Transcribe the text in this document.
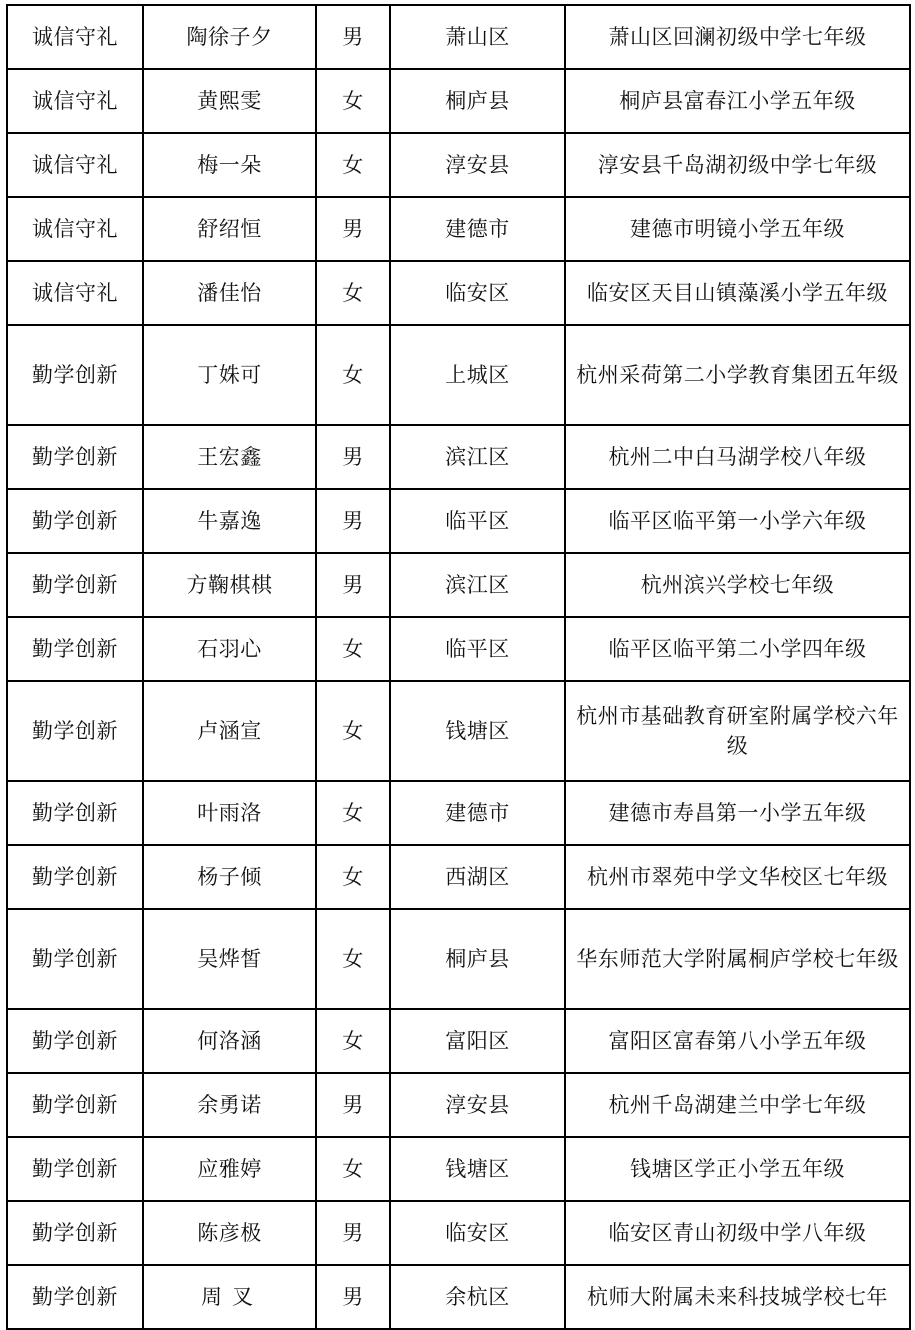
诚信守礼	陶徐子夕	男	萧山区	萧山区回澜初级中学七年级
诚信守礼	黄熙雯	女	桐庐县	桐庐县富春江小学五年级
诚信守礼	梅一朵	女	淳安县	淳安县千岛湖初级中学七年级
诚信守礼	舒绍恒	男	建德市	建德市明镜小学五年级
诚信守礼	潘佳怡	女	临安区	临安区天目山镇藻溪小学五年级
勤学创新	丁姝可	女	上城区	杭州采荷第二小学教育集团五年级
勤学创新	王宏鑫	男	滨江区	杭州二中白马湖学校八年级
勤学创新	牛嘉逸	男	临平区	临平区临平第一小学六年级
勤学创新	方鞠棋棋	男	滨江区	杭州滨兴学校七年级
勤学创新	石羽心	女	临平区	临平区临平第二小学四年级
勤学创新	卢涵宣	女	钱塘区	杭州市基础教育研室附属学校六年级
勤学创新	叶雨洛	女	建德市	建德市寿昌第一小学五年级
勤学创新	杨子倾	女	西湖区	杭州市翠苑中学文华校区七年级
勤学创新	吴烨皙	女	桐庐县	华东师范大学附属桐庐学校七年级
勤学创新	何洛涵	女	富阳区	富阳区富春第八小学五年级
勤学创新	余勇诺	男	淳安县	杭州千岛湖建兰中学七年级
勤学创新	应雅婷	女	钱塘区	钱塘区学正小学五年级
勤学创新	陈彦极	男	临安区	临安区青山初级中学八年级
勤学创新	周叉	男	余杭区	杭师大附属未来科技城学校七年
